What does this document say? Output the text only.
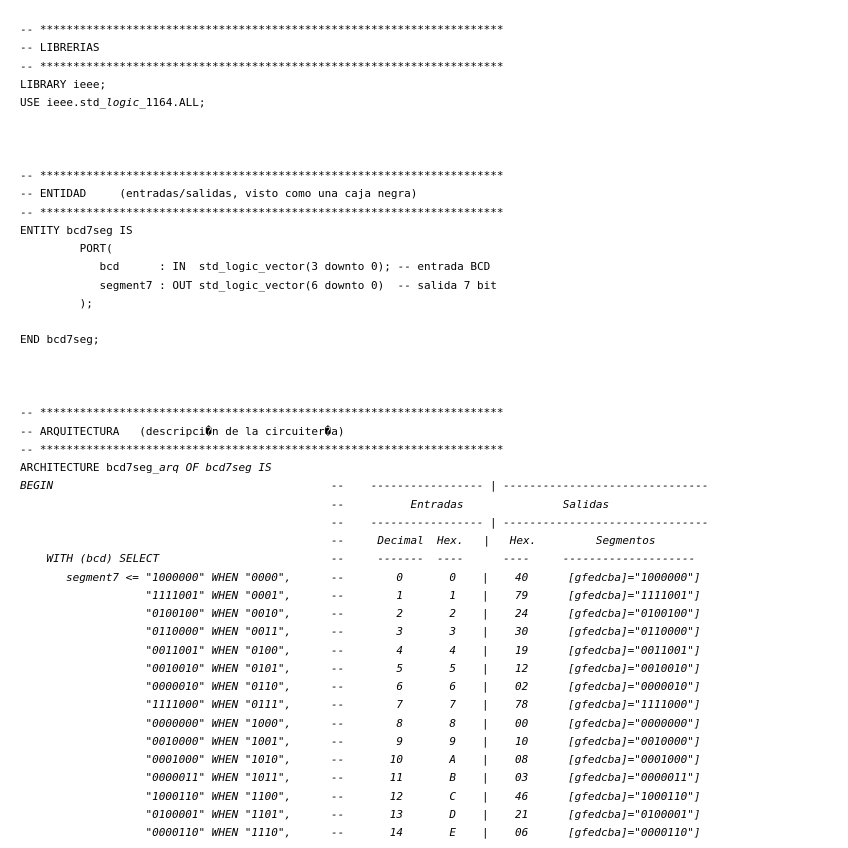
-- **********************************************************************
-- LIBRERIAS
-- **********************************************************************
LIBRARY ieee;
USE ieee.std_logic_1164.ALL;
-- **********************************************************************
-- ENTIDAD     (entradas/salidas, visto como una caja negra)
-- **********************************************************************
ENTITY bcd7seg IS
PORT(
bcd      : IN  std_logic_vector(3 downto 0); -- entrada BCD
segment7 : OUT std_logic_vector(6 downto 0)  -- salida 7 bit
);
END bcd7seg;
-- **********************************************************************
-- ARQUITECTURA   (descripci�n de la circuiter�a)
-- **********************************************************************
ARCHITECTURE bcd7seg_arq OF bcd7seg IS

BEGIN

	--    ----------------- | -------------------------------

--          Entradas               Salidas

--    ----------------- | -------------------------------

--     Decimal  Hex.   |   Hex.         Segmentos

WITH (bcd) SELECT

	--     -------  ----      ----     --------------------

segment7 <= "1000000" WHEN "0000",	--	0	0 | 40	[gfedcba]="1000000"]
"1111001" WHEN "0001",	--	1	1 | 79	[gfedcba]="1111001"]
"0100100" WHEN "0010",	--	2	2 | 24	[gfedcba]="0100100"]
"0110000" WHEN "0011",	--	3	3 | 30	[gfedcba]="0110000"]
"0011001" WHEN "0100",	--	4	4 | 19	[gfedcba]="0011001"]
"0010010" WHEN "0101",	--	5	5 | 12	[gfedcba]="0010010"]
"0000010" WHEN "0110",	--	6	6 | 02	[gfedcba]="0000010"]
"1111000" WHEN "0111",	--	7	7 | 78	[gfedcba]="1111000"]
"0000000" WHEN "1000",	--	8	8 | 00	[gfedcba]="0000000"]
"0010000" WHEN "1001",	--	9	9 | 10	[gfedcba]="0010000"]
"0001000" WHEN "1010",	--	10	A | 08	[gfedcba]="0001000"]
"0000011" WHEN "1011",	--	11	B | 03	[gfedcba]="0000011"]
"1000110" WHEN "1100",	--	12	C | 46	[gfedcba]="1000110"]
"0100001" WHEN "1101",	--	13	D | 21	[gfedcba]="0100001"]
"0000110" WHEN "1110",	--	14	E | 06	[gfedcba]="0000110"]
